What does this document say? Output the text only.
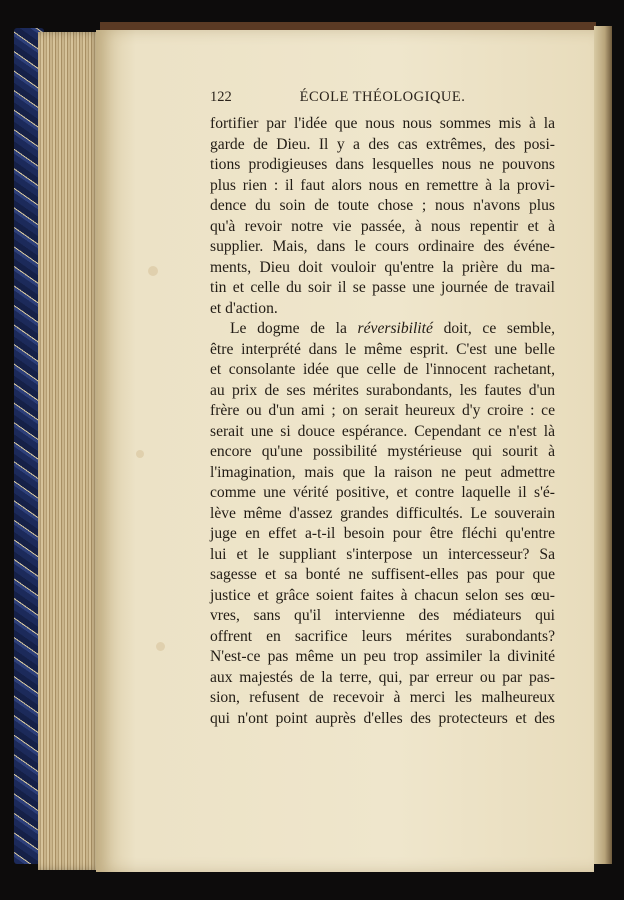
122	ÉCOLE THÉOLOGIQUE.
fortifier par l'idée que nous nous sommes mis à la
garde de Dieu. Il y a des cas extrêmes, des posi-
tions prodigieuses dans lesquelles nous ne pouvons
plus rien : il faut alors nous en remettre à la provi-
dence du soin de toute chose ; nous n'avons plus
qu'à revoir notre vie passée, à nous repentir et à
supplier. Mais, dans le cours ordinaire des événe-
ments, Dieu doit vouloir qu'entre la prière du ma-
tin et celle du soir il se passe une journée de travail
et d'action.
Le dogme de la réversibilité doit, ce semble,
être interprété dans le même esprit. C'est une belle
et consolante idée que celle de l'innocent rachetant,
au prix de ses mérites surabondants, les fautes d'un
frère ou d'un ami ; on serait heureux d'y croire : ce
serait une si douce espérance. Cependant ce n'est là
encore qu'une possibilité mystérieuse qui sourit à
l'imagination, mais que la raison ne peut admettre
comme une vérité positive, et contre laquelle il s'é-
lève même d'assez grandes difficultés. Le souverain
juge en effet a-t-il besoin pour être fléchi qu'entre
lui et le suppliant s'interpose un intercesseur? Sa
sagesse et sa bonté ne suffisent-elles pas pour que
justice et grâce soient faites à chacun selon ses œu-
vres, sans qu'il intervienne des médiateurs qui
offrent en sacrifice leurs mérites surabondants?
N'est-ce pas même un peu trop assimiler la divinité
aux majestés de la terre, qui, par erreur ou par pas-
sion, refusent de recevoir à merci les malheureux
qui n'ont point auprès d'elles des protecteurs et des
